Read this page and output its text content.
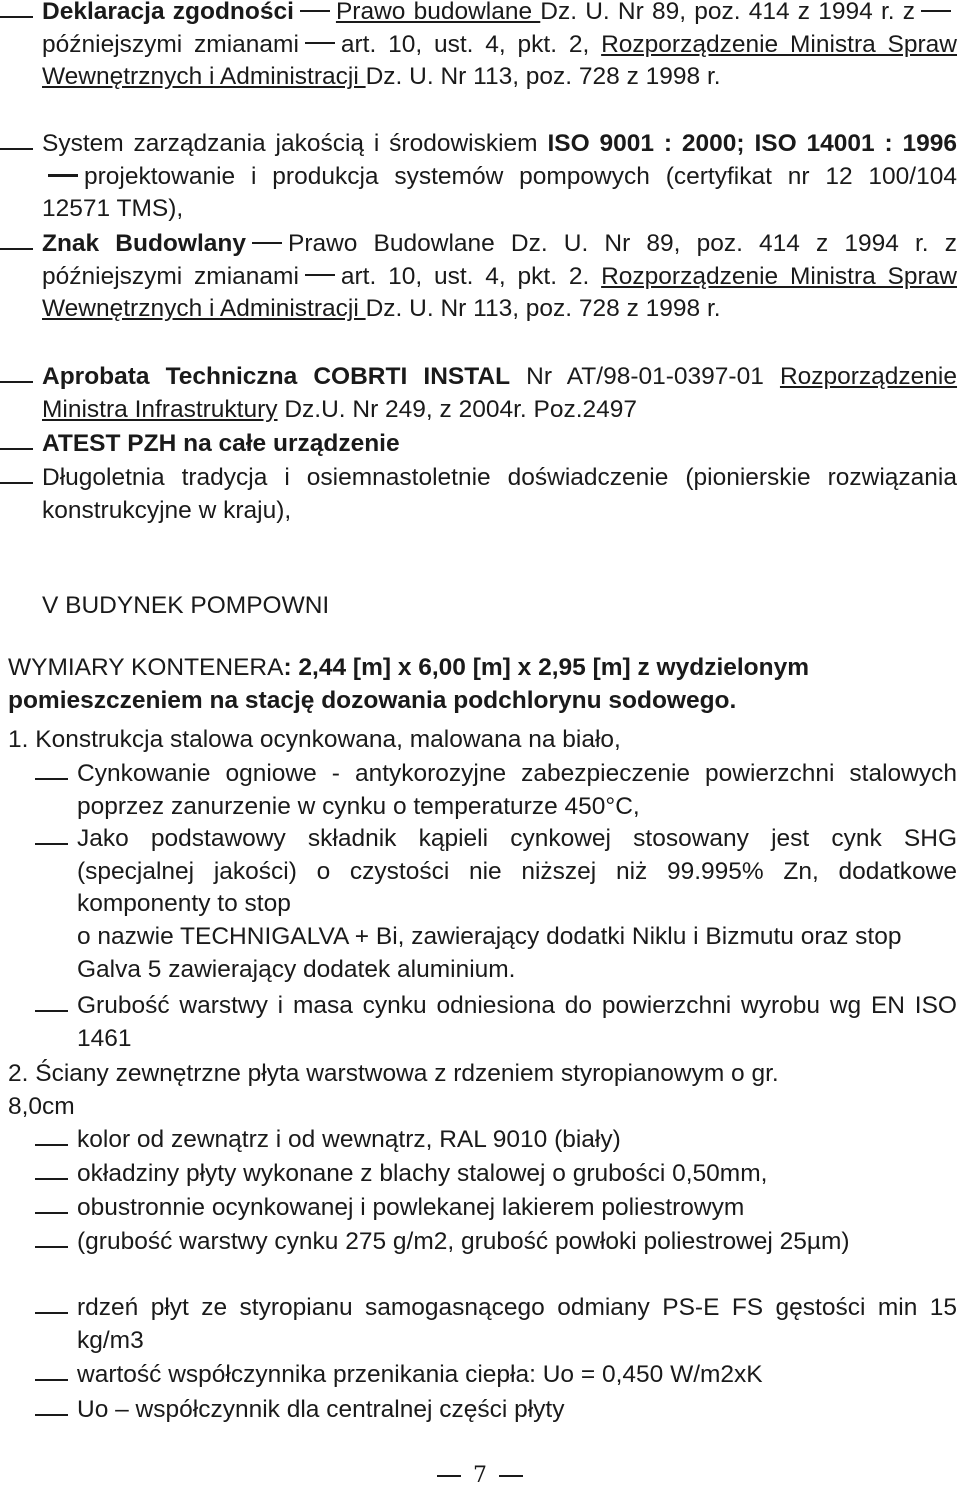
Deklaracja zgodności Prawo budowlane Dz. U. Nr 89, poz. 414 z 1994 r. zpóźniejszymi zmianami art. 10, ust. 4, pkt. 2, Rozporządzenie Ministra Spraw Wewnętrznych i Administracji Dz. U. Nr 113, poz. 728 z 1998 r.
System zarządzania jakością i środowiskiem ISO 9001 : 2000; ISO 14001 : 1996projektowanie i produkcja systemów pompowych (certyfikat nr 12 100/104 12571 TMS),
Znak Budowlany Prawo Budowlane Dz. U. Nr 89, poz. 414 z 1994 r. z późniejszymi zmianami art. 10, ust. 4, pkt. 2. Rozporządzenie Ministra Spraw Wewnętrznych i Administracji Dz. U. Nr 113, poz. 728 z 1998 r.
Aprobata Techniczna COBRTI INSTAL Nr AT/98-01-0397-01 Rozporządzenie Ministra Infrastruktury Dz.U. Nr 249, z 2004r. Poz.2497
ATEST PZH na całe urządzenie
Długoletnia tradycja i osiemnastoletnie doświadczenie (pionierskie rozwiązania konstrukcyjne w kraju),
V BUDYNEK POMPOWNI
WYMIARY KONTENERA: 2,44 [m] x 6,00 [m] x 2,95 [m] z wydzielonym pomieszczeniem na stację dozowania podchlorynu sodowego.
1. Konstrukcja stalowa ocynkowana, malowana na biało,
Cynkowanie ogniowe - antykorozyjne zabezpieczenie powierzchni stalowych poprzez zanurzenie w cynku o temperaturze 450°C,
Jako podstawowy składnik kąpieli cynkowej stosowany jest cynk SHG (specjalnej jakości) o czystości nie niższej niż 99.995% Zn, dodatkowe komponenty to stop
o nazwie TECHNIGALVA + Bi, zawierający dodatki Niklu i Bizmutu oraz stop Galva 5 zawierający dodatek aluminium.
Grubość warstwy i masa cynku odniesiona do powierzchni wyrobu wg EN ISO 1461
2. Ściany zewnętrzne płyta warstwowa z rdzeniem styropianowym o gr.
8,0cm
kolor od zewnątrz i od wewnątrz, RAL 9010 (biały)
okładziny płyty wykonane z blachy stalowej o grubości 0,50mm,
obustronnie ocynkowanej i powlekanej lakierem poliestrowym
(grubość warstwy cynku 275 g/m2, grubość powłoki poliestrowej 25µm)
rdzeń płyt ze styropianu samogasnącego odmiany PS-E FS gęstości min 15 kg/m3
wartość współczynnika przenikania ciepła: Uo = 0,450 W/m2xK
Uo – współczynnik dla centralnej części płyty
7
